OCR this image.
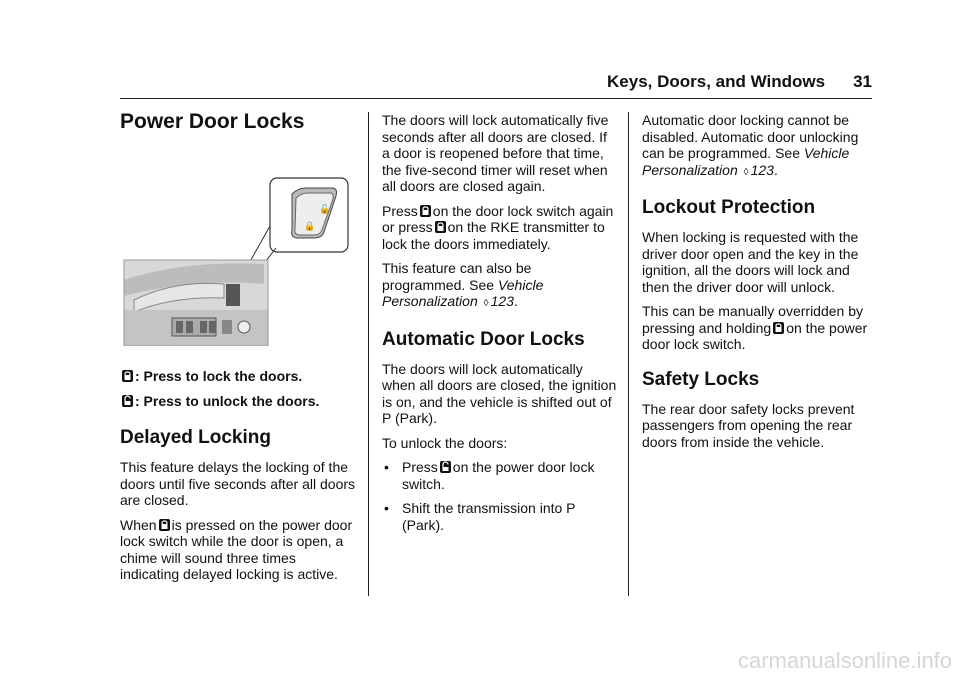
Keys, Doors, and Windows 31
Power Door Locks
🔓
🔒

: Press to lock the doors.

: Press to unlock the doors.

Delayed Locking

This feature delays the locking of the doors until five seconds after all doors are closed.

When is pressed on the power door lock switch while the door is open, a chime will sound three times indicating delayed locking is active.

The doors will lock automatically five seconds after all doors are closed. If a door is reopened before that time, the five-second timer will reset when all doors are closed again.

Press on the door lock switch again or press on the RKE transmitter to lock the doors immediately.

This feature can also be programmed. See Vehicle Personalization ◊ 123.

Automatic Door Locks

The doors will lock automatically when all doors are closed, the ignition is on, and the vehicle is shifted out of P (Park).

To unlock the doors:

• Press on the power door lock switch.

• Shift the transmission into P (Park).

Automatic door locking cannot be disabled. Automatic door unlocking can be programmed. See Vehicle Personalization ◊ 123.

Lockout Protection

When locking is requested with the driver door open and the key in the ignition, all the doors will lock and then the driver door will unlock.

This can be manually overridden by pressing and holding on the power door lock switch.

Safety Locks

The rear door safety locks prevent passengers from opening the rear doors from inside the vehicle.

carmanualsonline.info
